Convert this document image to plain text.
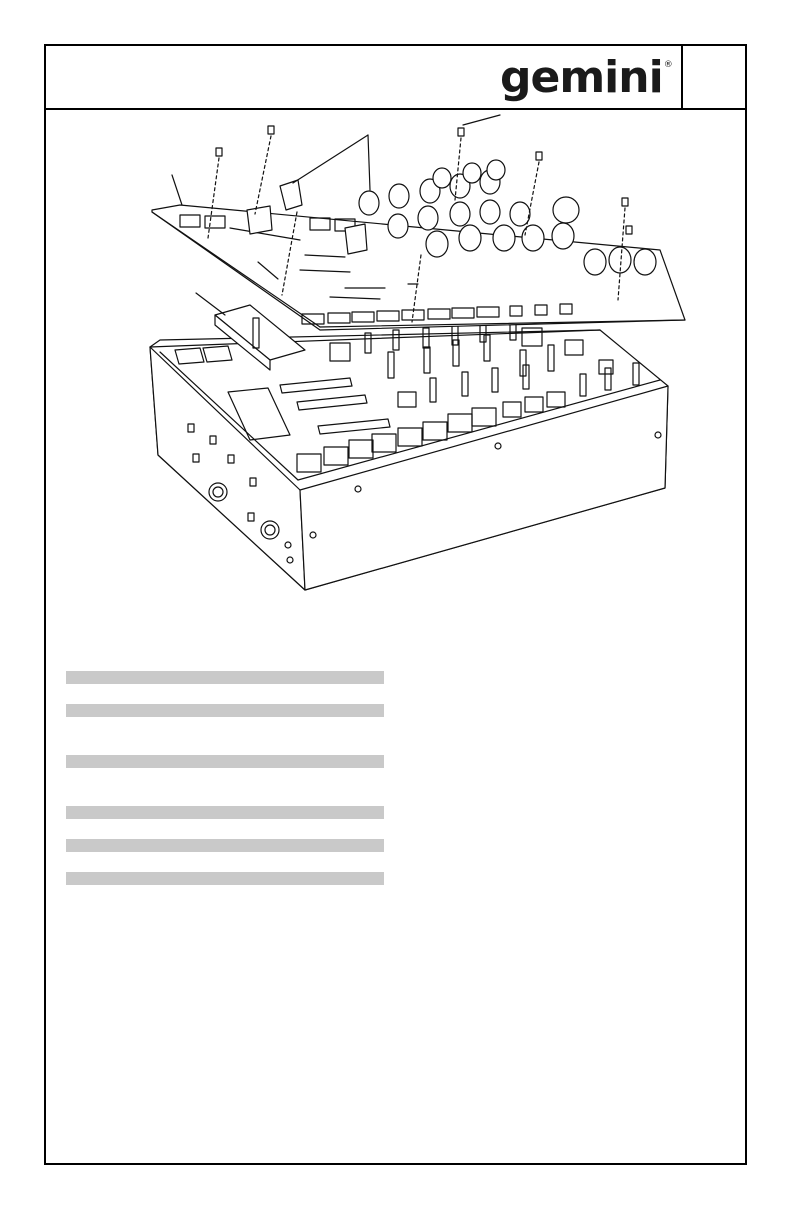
gemini ®
